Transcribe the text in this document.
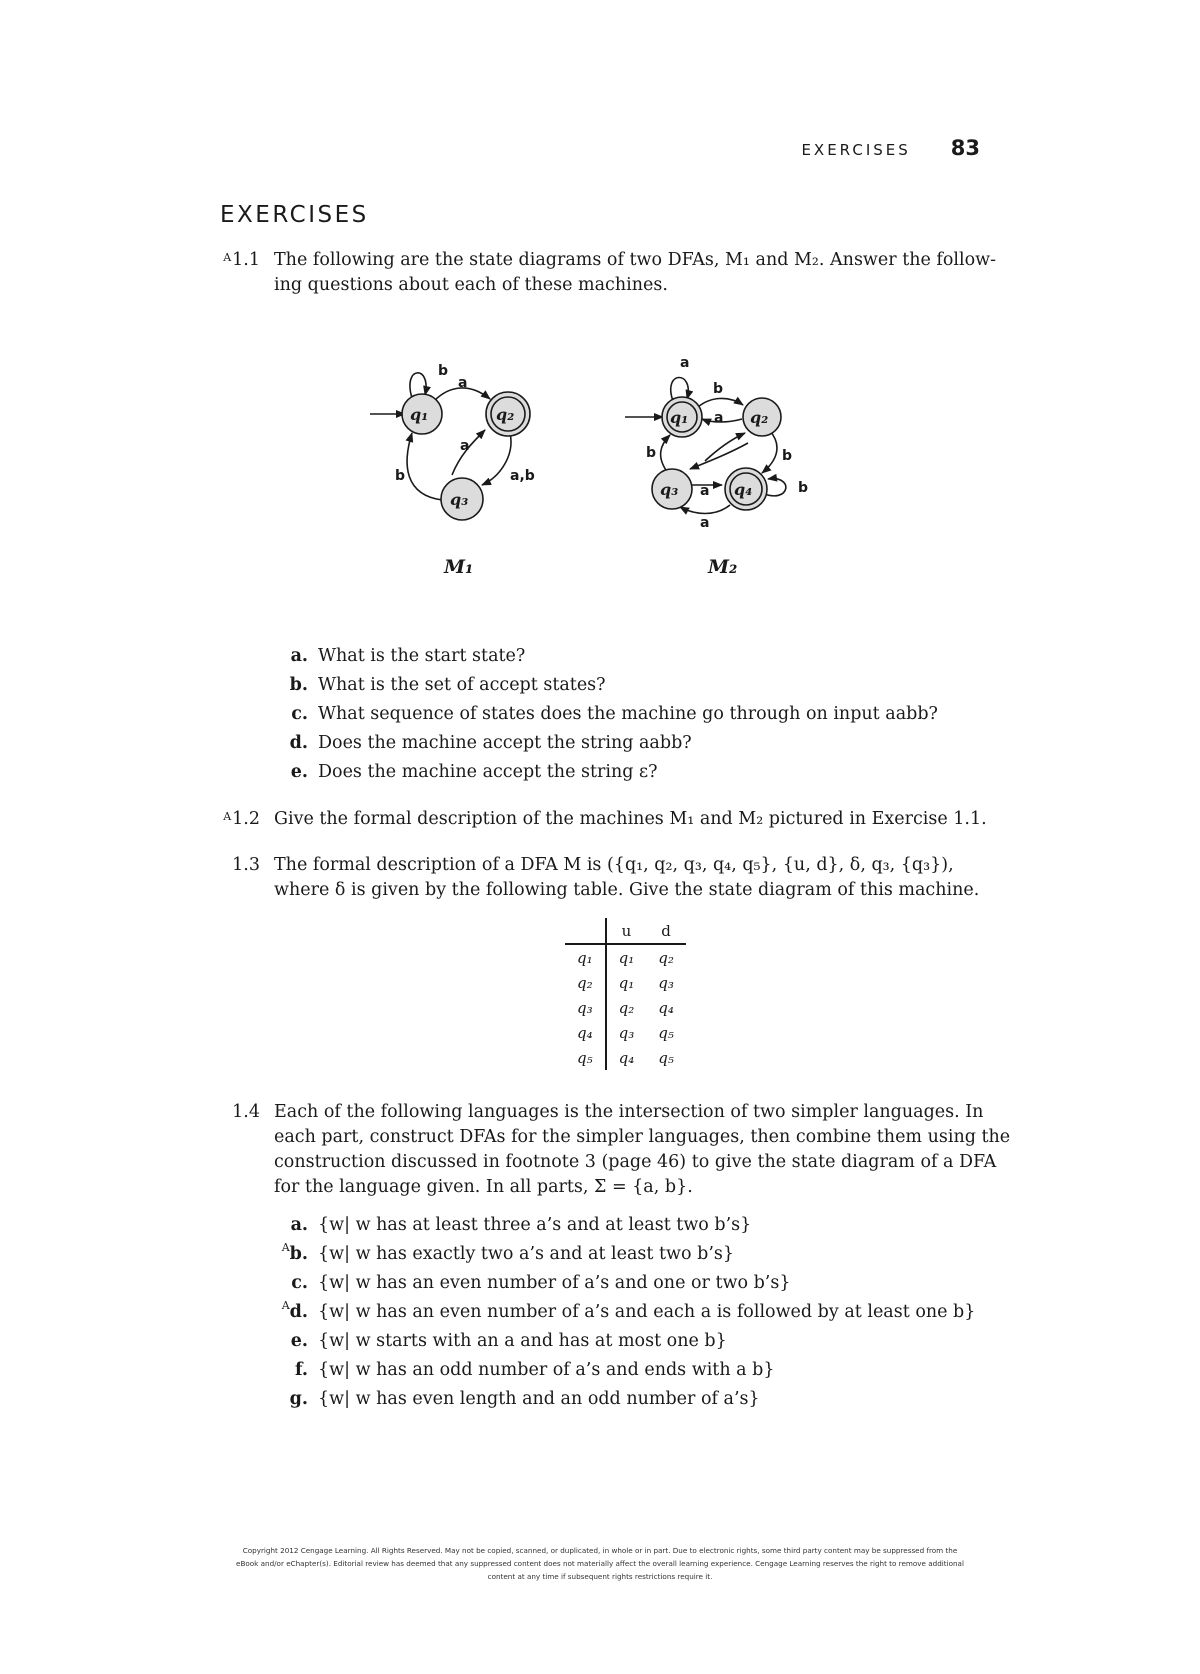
EXERCISES 83
EXERCISES
$^A$1.1 The following are the state diagrams of two DFAs, M₁ and M₂. Answer the follow-
ing questions about each of these machines.
b
a
a
a,b
b
q₁	q₂
q₃
M₁
a
b
a
b	b
a
a
b
q₁	q₂
q₃	q₄
M₂
a. What is the start state?
b. What is the set of accept states?
c. What sequence of states does the machine go through on input aabb?
d. Does the machine accept the string aabb?
e. Does the machine accept the string ε?
$^A$1.2 Give the formal description of the machines M₁ and M₂ pictured in Exercise 1.1.
1.3 The formal description of a DFA M is ({q₁, q₂, q₃, q₄, q₅}, {u, d}, δ, q₃, {q₃}),
where δ is given by the following table. Give the state diagram of this machine.
	u	d
q₁	q₁	q₂
q₂	q₁	q₃
q₃	q₂	q₄
q₄	q₃	q₅
q₅	q₄	q₅
1.4 Each of the following languages is the intersection of two simpler languages. In
each part, construct DFAs for the simpler languages, then combine them using the
construction discussed in footnote 3 (page 46) to give the state diagram of a DFA
for the language given. In all parts, Σ = {a, b}.
a. {w| w has at least three a’s and at least two b’s}
$^A$b. {w| w has exactly two a’s and at least two b’s}
c. {w| w has an even number of a’s and one or two b’s}
$^A$d. {w| w has an even number of a’s and each a is followed by at least one b}
e. {w| w starts with an a and has at most one b}
f. {w| w has an odd number of a’s and ends with a b}
g. {w| w has even length and an odd number of a’s}
Copyright 2012 Cengage Learning. All Rights Reserved. May not be copied, scanned, or duplicated, in whole or in part. Due to electronic rights, some third party content may be suppressed from the
eBook and/or eChapter(s). Editorial review has deemed that any suppressed content does not materially affect the overall learning experience. Cengage Learning reserves the right to remove additional
content at any time if subsequent rights restrictions require it.
